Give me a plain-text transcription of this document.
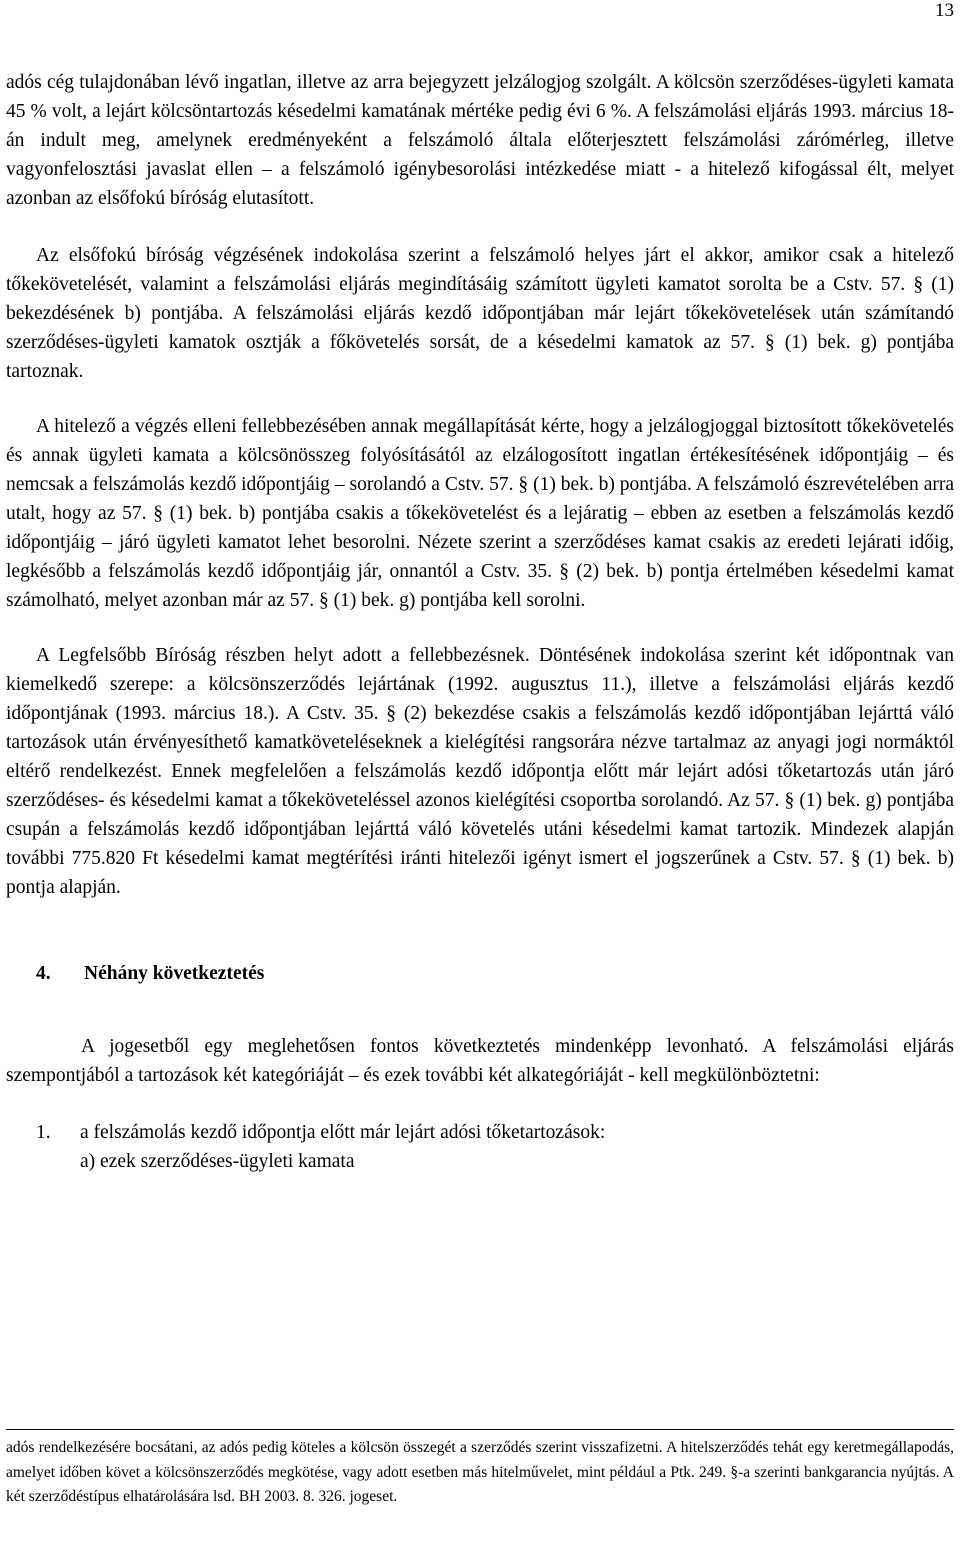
13

adós cég tulajdonában lévő ingatlan, illetve az arra bejegyzett jelzálogjog szolgált. A kölcsön szerződéses-ügyleti kamata 45 % volt, a lejárt kölcsöntartozás késedelmi kamatának mértéke pedig évi 6 %. A felszámolási eljárás 1993. március 18-án indult meg, amelynek eredményeként a felszámoló általa előterjesztett felszámolási zárómérleg, illetve vagyonfelosztási javaslat ellen – a felszámoló igénybesorolási intézkedése miatt - a hitelező kifogással élt, melyet azonban az elsőfokú bíróság elutasított.

Az elsőfokú bíróság végzésének indokolása szerint a felszámoló helyes járt el akkor, amikor csak a hitelező tőkekövetelését, valamint a felszámolási eljárás megindításáig számított ügyleti kamatot sorolta be a Cstv. 57. § (1) bekezdésének b) pontjába. A felszámolási eljárás kezdő időpontjában már lejárt tőkekövetelések után számítandó szerződéses-ügyleti kamatok osztják a főkövetelés sorsát, de a késedelmi kamatok az 57. § (1) bek. g) pontjába tartoznak.

A hitelező a végzés elleni fellebbezésében annak megállapítását kérte, hogy a jelzálogjoggal biztosított tőkekövetelés és annak ügyleti kamata a kölcsönösszeg folyósításától az elzálogosított ingatlan értékesítésének időpontjáig – és nemcsak a felszámolás kezdő időpontjáig – sorolandó a Cstv. 57. § (1) bek. b) pontjába. A felszámoló észrevételében arra utalt, hogy az 57. § (1) bek. b) pontjába csakis a tőkekövetelést és a lejáratig – ebben az esetben a felszámolás kezdő időpontjáig – járó ügyleti kamatot lehet besorolni. Nézete szerint a szerződéses kamat csakis az eredeti lejárati időig, legkésőbb a felszámolás kezdő időpontjáig jár, onnantól a Cstv. 35. § (2) bek. b) pontja értelmében késedelmi kamat számolható, melyet azonban már az 57. § (1) bek. g) pontjába kell sorolni.

A Legfelsőbb Bíróság részben helyt adott a fellebbezésnek. Döntésének indokolása szerint két időpontnak van kiemelkedő szerepe: a kölcsönszerződés lejártának (1992. augusztus 11.), illetve a felszámolási eljárás kezdő időpontjának (1993. március 18.). A Cstv. 35. § (2) bekezdése csakis a felszámolás kezdő időpontjában lejárttá váló tartozások után érvényesíthető kamatköveteléseknek a kielégítési rangsorára nézve tartalmaz az anyagi jogi normáktól eltérő rendelkezést. Ennek megfelelően a felszámolás kezdő időpontja előtt már lejárt adósi tőketartozás után járó szerződéses- és késedelmi kamat a tőkeköveteléssel azonos kielégítési csoportba sorolandó. Az 57. § (1) bek. g) pontjába csupán a felszámolás kezdő időpontjában lejárttá váló követelés utáni késedelmi kamat tartozik. Mindezek alapján további 775.820 Ft késedelmi kamat megtérítési iránti hitelezői igényt ismert el jogszerűnek a Cstv. 57. § (1) bek. b) pontja alapján.

4.	Néhány következtetés

A jogesetből egy meglehetősen fontos következtetés mindenképp levonható. A felszámolási eljárás szempontjából a tartozások két kategóriáját – és ezek további két alkategóriáját - kell megkülönböztetni:

1.	a felszámolás kezdő időpontja előtt már lejárt adósi tőketartozások:
a) ezek szerződéses-ügyleti kamata

adós rendelkezésére bocsátani, az adós pedig köteles a kölcsön összegét a szerződés szerint visszafizetni. A hitelszerződés tehát egy keretmegállapodás, amelyet időben követ a kölcsönszerződés megkötése, vagy adott esetben más hitelművelet, mint például a Ptk. 249. §-a szerinti bankgarancia nyújtás. A két szerződéstípus elhatárolására lsd. BH 2003. 8. 326. jogeset.
